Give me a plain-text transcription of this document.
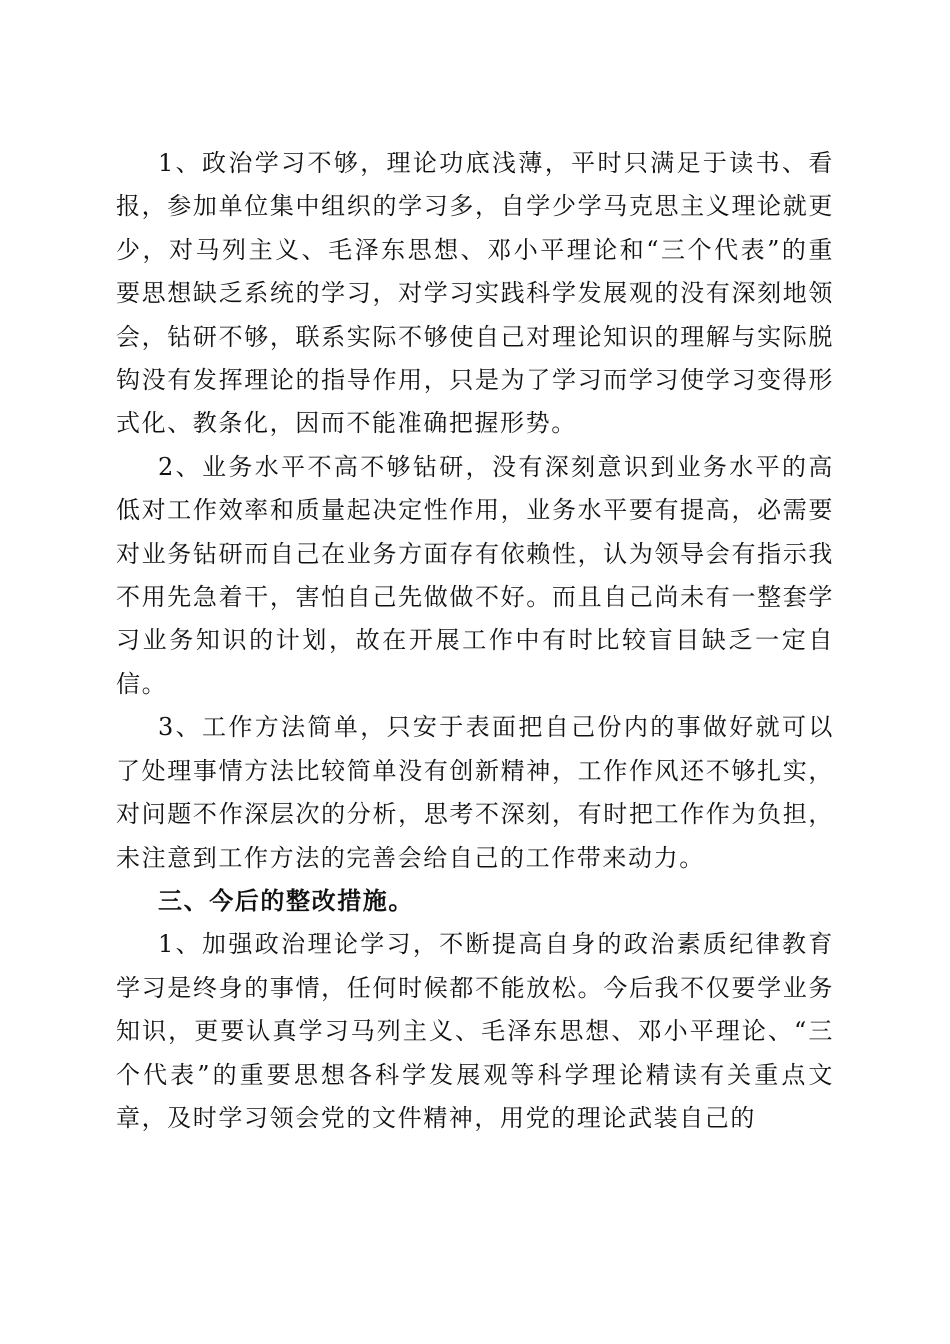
1、政治学习不够，理论功底浅薄，平时只满足于读书、看报，参加单位集中组织的学习多，自学少学马克思主义理论就更少，对马列主义、毛泽东思想、邓小平理论和“三个代表”的重要思想缺乏系统的学习，对学习实践科学发展观的没有深刻地领会，钻研不够，联系实际不够使自己对理论知识的理解与实际脱钩没有发挥理论的指导作用，只是为了学习而学习使学习变得形式化、教条化，因而不能准确把握形势。

2、业务水平不高不够钻研，没有深刻意识到业务水平的高低对工作效率和质量起决定性作用，业务水平要有提高，必需要对业务钻研而自己在业务方面存有依赖性，认为领导会有指示我不用先急着干，害怕自己先做做不好。而且自己尚未有一整套学习业务知识的计划，故在开展工作中有时比较盲目缺乏一定自信。

3、工作方法简单，只安于表面把自己份内的事做好就可以了处理事情方法比较简单没有创新精神，工作作风还不够扎实，对问题不作深层次的分析，思考不深刻，有时把工作作为负担，未注意到工作方法的完善会给自己的工作带来动力。

三、今后的整改措施。

1、加强政治理论学习，不断提高自身的政治素质纪律教育学习是终身的事情，任何时候都不能放松。今后我不仅要学业务知识，更要认真学习马列主义、毛泽东思想、邓小平理论、“三个代表”的重要思想各科学发展观等科学理论精读有关重点文章，及时学习领会党的文件精神，用党的理论武装自己的
